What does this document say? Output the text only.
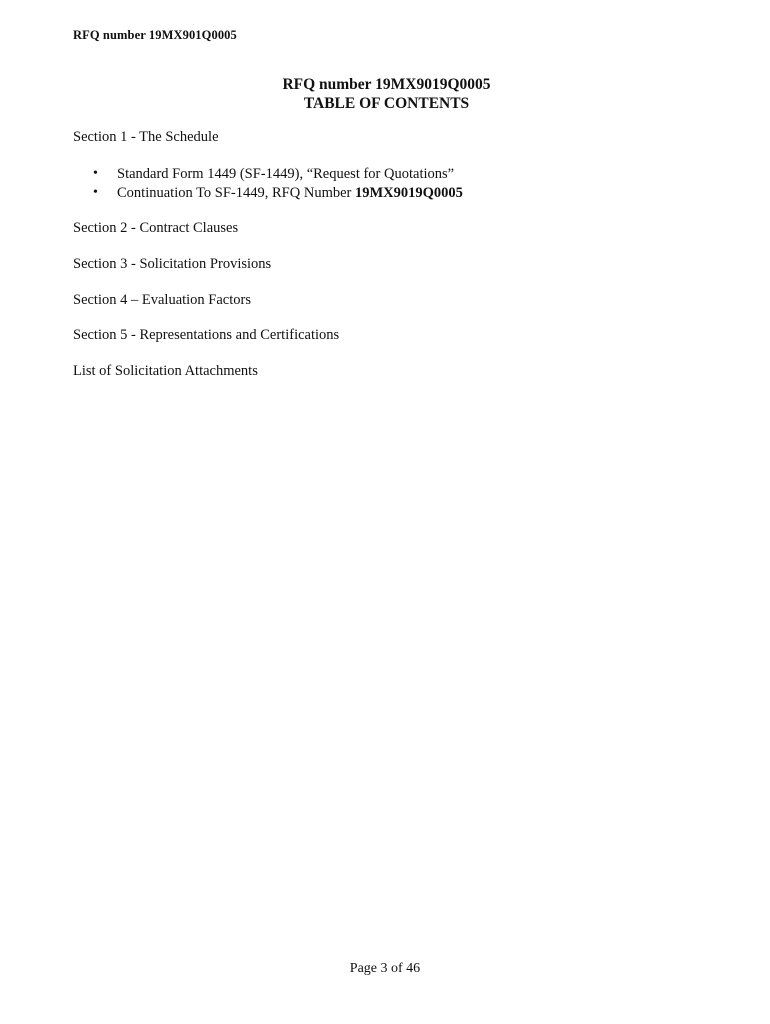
RFQ number 19MX901Q0005
RFQ number 19MX9019Q0005
TABLE OF CONTENTS
Section 1 - The Schedule
• Standard Form 1449 (SF-1449), “Request for Quotations”
• Continuation To SF-1449, RFQ Number 19MX9019Q0005
Section 2 - Contract Clauses
Section 3 - Solicitation Provisions
Section 4 – Evaluation Factors
Section 5 - Representations and Certifications
List of Solicitation Attachments
Page 3 of 46
